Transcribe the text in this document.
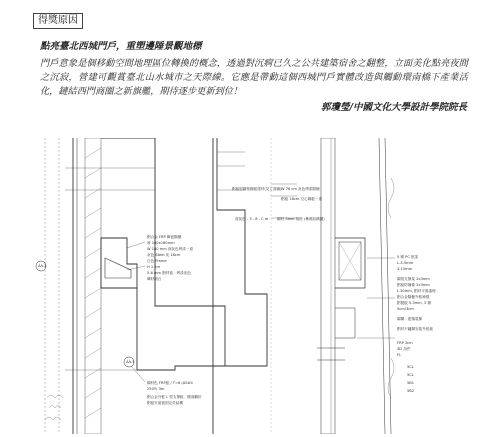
得獎原因
點亮臺北西城門戶，重塑邊陲景觀地標
門戶意象是個移動空間地理區位轉換的概念，透過對沉痾已久之公共建築宿舍之翻整，立面美化點亮夜間之沉寂，營建可觀賞臺北山水城市之天際線。它應是帶動這個西城門戶實體改造與觸動環南橋下產業活化，鏈結西門商圈之新旗艦，期待逐步更新到位！
郭瓊瑩/中國文化大學設計學院院長
AA-1
AA-1
鋁合金 FRP 飾板隔柵
@ 180x180mm
W 180 mm 深灰色烤漆一道
灰色 Steel 灰 18cm
白色 Frame
H 1.2m
5-6 mm 鋁材板 - 烤漆灰色
磚材刷白
鋼材色 FRP板 / T=6 (AS#4
250Y) 3m
鋁合金外框 L 型支撐板、側面翻折
鋁板安裝板固定於結構
鋁板型鋼格柵板建材(見立面圖) W 76 cm 灰色烤漆隔柵
鋁板 18cm 空心鋼板一道
深灰色 - 3 - 8 - C m 鋼材 Steel 規格 (參照結構圖)
5 層 PC 框架
L-3-5mm
3-15mm
鋼管支撐架 2x3mm
鋁板防撞條 2x3mm
L 30mm, 鋁材平面處理
鋁合金隔柵外框補強
鋁製板 5.3mm, 3 層
5cm/3cm
鋼構 - 建築電梯
鋁材不鏽鋼安裝外框板
FRP 3cm
3D 扣件
FL
5CL
5CL
5B1
5B2
